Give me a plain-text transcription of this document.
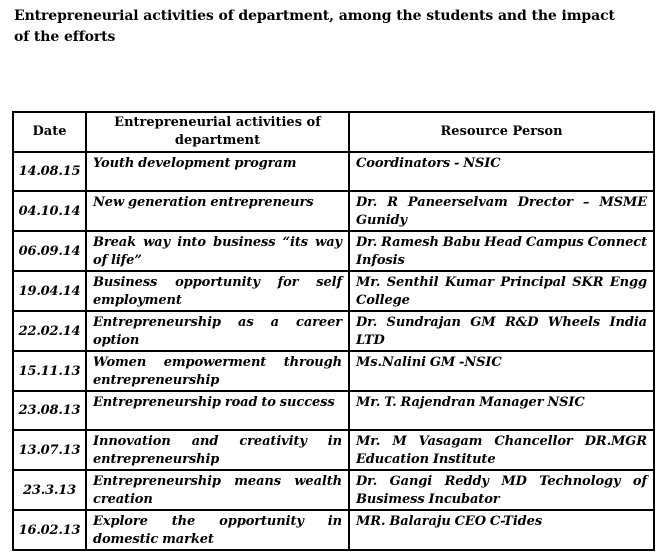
Entrepreneurial activities of department, among the students and the impact
of the efforts
Date	Entrepreneurial activities of department	Resource Person
14.08.15	Youth development program	Coordinators - NSIC
04.10.14	New generation entrepreneurs	Dr. R Paneerselvam Drector – MSME Gunidy
06.09.14	Break way into business “its way of life”	Dr. Ramesh Babu Head Campus Connect Infosis
19.04.14	Business opportunity for self employment	Mr. Senthil Kumar Principal SKR Engg College
22.02.14	Entrepreneurship as a career option	Dr. Sundrajan GM R&D Wheels India LTD
15.11.13	Women empowerment through entrepreneurship	Ms.Nalini GM -NSIC
23.08.13	Entrepreneurship road to success	Mr. T. Rajendran Manager NSIC
13.07.13	Innovation and creativity in entrepreneurship	Mr. M Vasagam Chancellor DR.MGR Education Institute
23.3.13	Entrepreneurship means wealth creation	Dr. Gangi Reddy MD Technology of Busimess Incubator
16.02.13	Explore the opportunity in domestic market	MR. Balaraju CEO C-Tides
